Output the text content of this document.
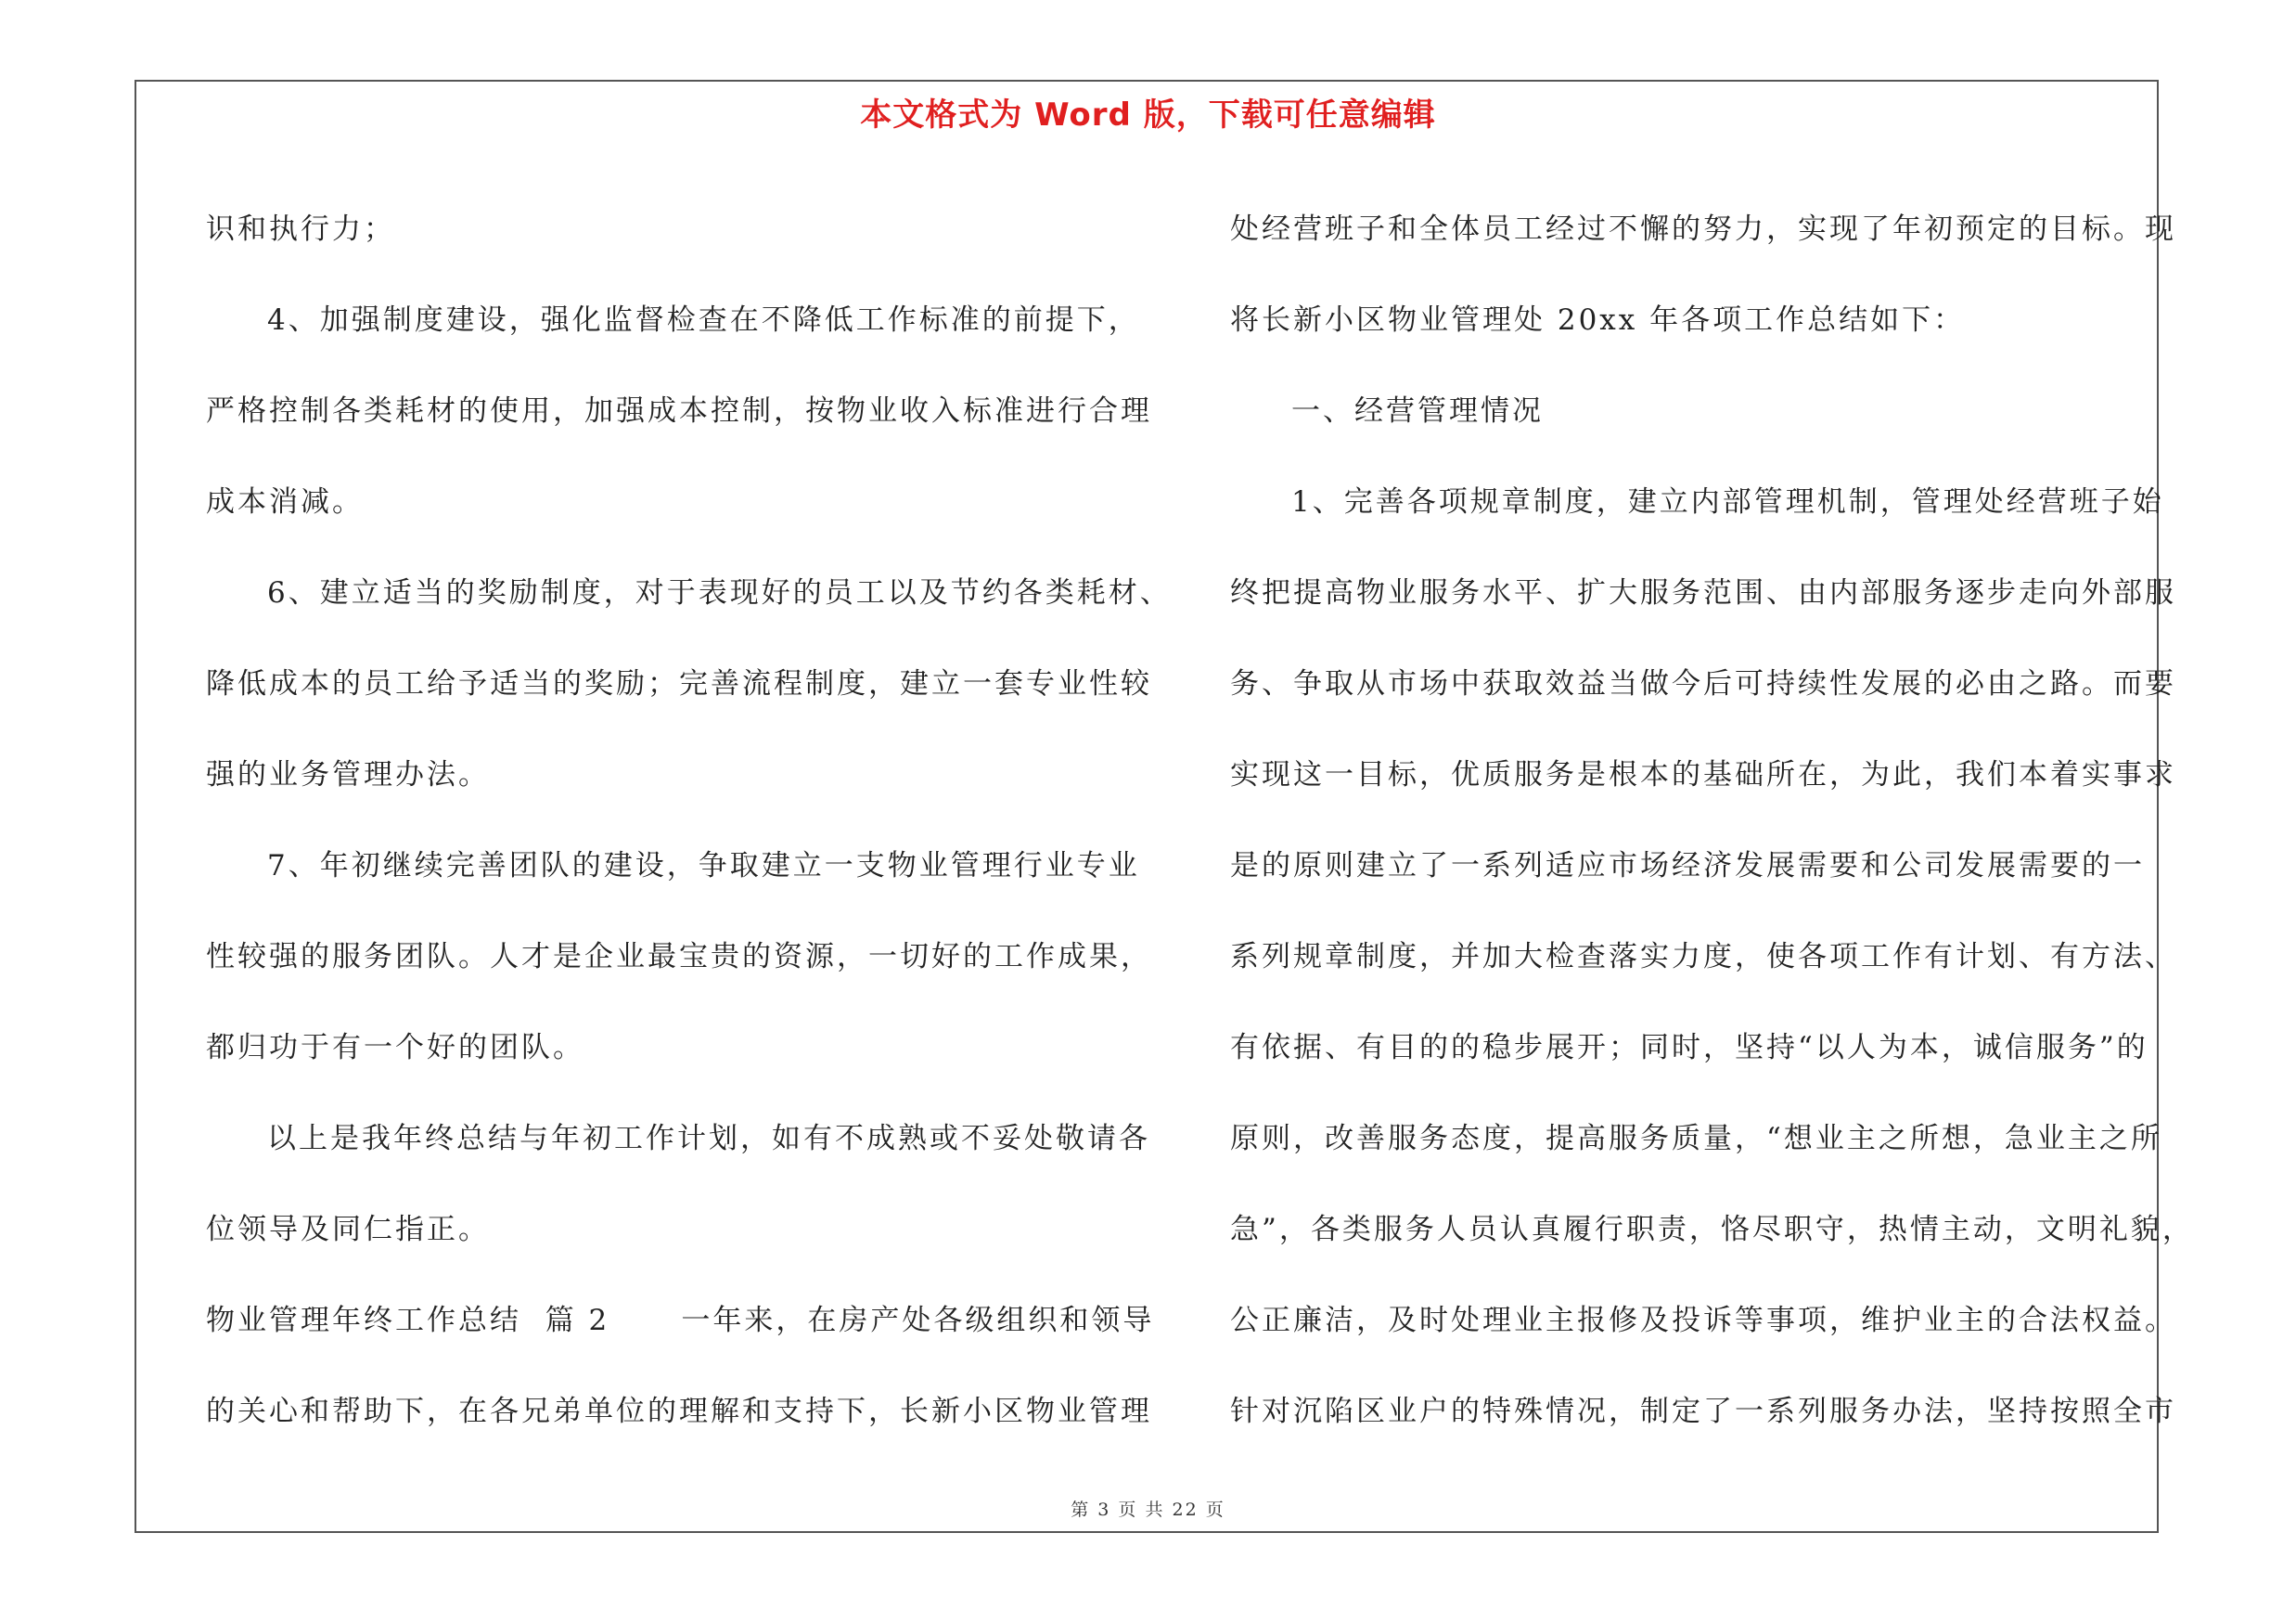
本文格式为 Word 版，下载可任意编辑
识和执行力；
4、加强制度建设，强化监督检查在不降低工作标准的前提下，
严格控制各类耗材的使用，加强成本控制，按物业收入标准进行合理
成本消减。
6、建立适当的奖励制度，对于表现好的员工以及节约各类耗材、
降低成本的员工给予适当的奖励；完善流程制度，建立一套专业性较
强的业务管理办法。
7、年初继续完善团队的建设，争取建立一支物业管理行业专业
性较强的服务团队。人才是企业最宝贵的资源，一切好的工作成果，
都归功于有一个好的团队。
以上是我年终总结与年初工作计划，如有不成熟或不妥处敬请各
位领导及同仁指正。
物业管理年终工作总结  篇 2      一年来，在房产处各级组织和领导
的关心和帮助下，在各兄弟单位的理解和支持下，长新小区物业管理
处经营班子和全体员工经过不懈的努力，实现了年初预定的目标。现
将长新小区物业管理处 20xx 年各项工作总结如下：
一、经营管理情况
1、完善各项规章制度，建立内部管理机制，管理处经营班子始
终把提高物业服务水平、扩大服务范围、由内部服务逐步走向外部服
务、争取从市场中获取效益当做今后可持续性发展的必由之路。而要
实现这一目标，优质服务是根本的基础所在，为此，我们本着实事求
是的原则建立了一系列适应市场经济发展需要和公司发展需要的一
系列规章制度，并加大检查落实力度，使各项工作有计划、有方法、
有依据、有目的的稳步展开；同时，坚持“以人为本，诚信服务”的
原则，改善服务态度，提高服务质量，“想业主之所想，急业主之所
急”，各类服务人员认真履行职责，恪尽职守，热情主动，文明礼貌，
公正廉洁，及时处理业主报修及投诉等事项，维护业主的合法权益。
针对沉陷区业户的特殊情况，制定了一系列服务办法，坚持按照全市
第 3 页 共 22 页
